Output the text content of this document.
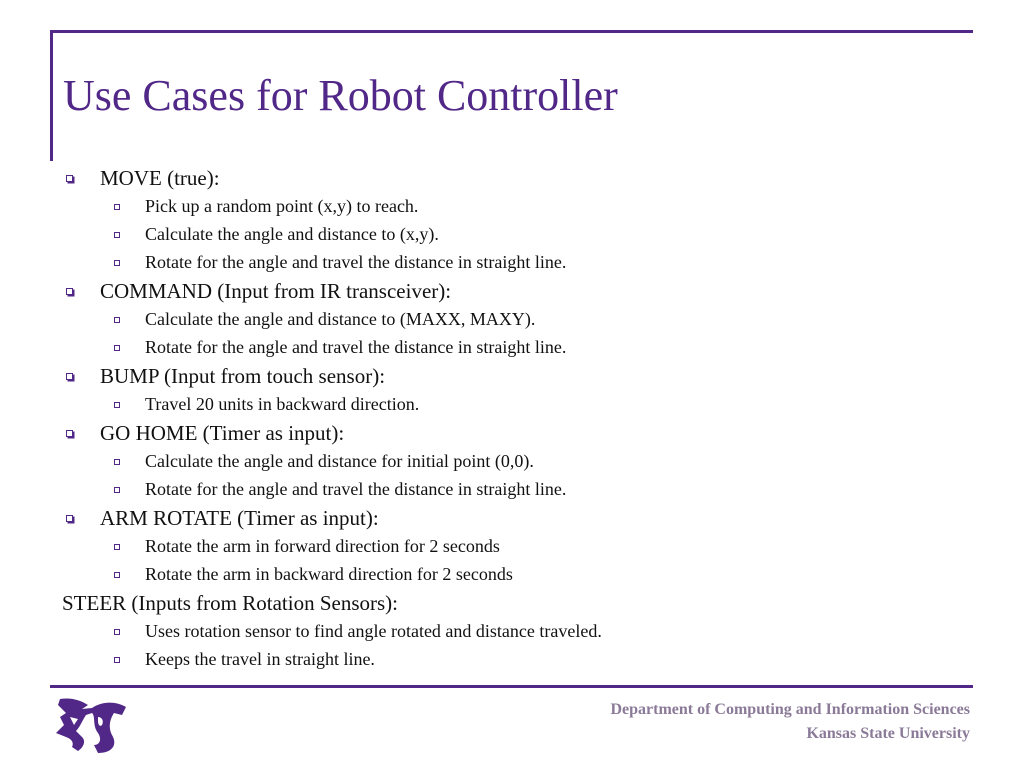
Use Cases for Robot Controller
MOVE (true):
Pick up a random point (x,y) to reach.
Calculate the angle and distance to (x,y).
Rotate for the angle and travel the distance in straight line.
COMMAND (Input from IR transceiver):
Calculate the angle and distance to (MAXX, MAXY).
Rotate for the angle and travel the distance in straight line.
BUMP (Input from touch sensor):
Travel 20 units in backward direction.
GO HOME (Timer as input):
Calculate the angle and distance for initial point (0,0).
Rotate for the angle and travel the distance in straight line.
ARM ROTATE (Timer as input):
Rotate the arm in forward direction for 2 seconds
Rotate the arm in backward direction for 2 seconds
STEER (Inputs from Rotation Sensors):
Uses rotation sensor to find angle rotated and distance traveled.
Keeps the travel in straight line.
Department of Computing and Information Sciences
Kansas State University
